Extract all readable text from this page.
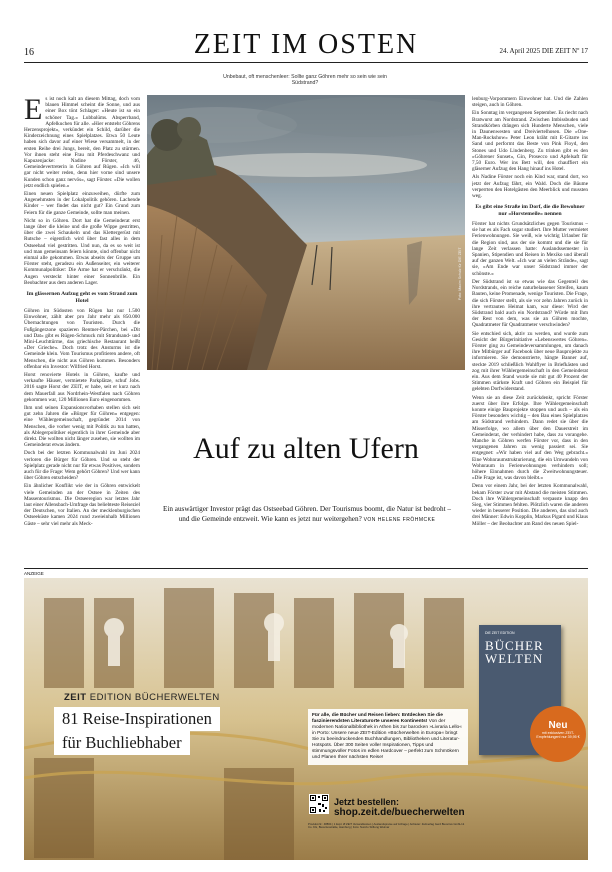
16	ZEIT IM OSTEN	24. April 2025 DIE ZEIT Nº 17
E s ist noch kalt an diesem Mittag, doch vom blauen Himmel scheint die Sonne, und aus einer Box tönt Schlager: »Heute ist so ein schöner Tag.« Lubbalüms. Absperrband, Apfelkuchen für alle. »Hier entsteht Göhrens Herzensprojekt«, verkündet ein Schild, darüber die Kinderzeichnung eines Spielplatzes. Etwa 50 Leute haben sich davor auf einer Wiese versammelt, in der ersten Reihe drei Jungs, bereit, den Platz zu stürmen. Vor ihnen steht eine Frau mit Pferdeschwanz und Kapuzenjacke: Nadine Förster, 46, Gemeindevertreterin in Göhren auf Rügen. »Ich will gar nicht weiter reden, denn hier vorne sind unsere Kunden schon ganz nervös«, sagt Förster. »Die wollen jetzt endlich spielen.«

Einen neuen Spielplatz einzuweihen, dürfte zum Angenehmsten in der Lokalpolitik gehören. Lachende Kinder – wer findet das nicht gut? Ein Grund zum Feiern für die ganze Gemeinde, sollte man meinen.

Nicht so in Göhren. Dort hat die Gemeinderat erst lange über die kleine und die große Wippe gestritten, über die zwei Schaukeln und das Klettergerüst mit Rutsche – eigentlich wird über fast alles in dem Ostseebad viel gestritten. Und nun, da es so weit ist und man gemeinsam feiern könnte, sind offenbar nicht einmal alle gekommen. Etwas abseits der Gruppe um Förster steht, geradezu ein Außenseiter, ein weiterer Kommunalpolitiker: Die Arme hat er verschränkt, die Augen versteckt hinter einer Sonnenbrille. Ein Beobachter aus dem anderen Lager.

Im glässernen Aufzug geht es vom Strand zum Hotel

Göhren im Südosten von Rügen hat nur 1.500 Einwohner, zählt aber pro Jahr mehr als 850.000 Übernachtungen von Touristen. Durch die Fußgängerzone spazieren Rentner-Pärchen, bei »Dit und Dat« gibt es Rügen-Schmuck mit Strandsand- und Mini-Leuchttürme, das griechische Restaurant heißt »Der Grieche«. Doch trotz des Ansturms ist die Gemeinde klein. Vom Tourismus profitieren andere, oft Menschen, die nicht aus Göhren kommen. Besonders offenbar ein Investor: Wilfried Horst.

Horst renovierte Hotels in Göhren, kaufte und verkaufte Häuser, vermietete Parkplätze, schuf Jobs. 2016 sagte Horst der ZEIT, er habe, seit er kurz nach dem Mauerfall aus Nordrhein-Westfalen nach Göhren gekommen war, 120 Millionen Euro eingenommen.

Ihm und seinen Expansionsvorhaben stellen sich seit gut zehn Jahren die »Bürger für Göhren« entgegen: eine Wählergemeinschaft, gegründet 2014 von Menschen, die vorher wenig mit Politik zu tun hatten, als Ablegerpolitiker eigentlich in ihrer Gemeinde aber direkt. Die wollten nicht länger zusehen, sie wollten im Gemeinderat etwas ändern.

Doch bei der letzten Kommunalwahl im Juni 2024 verloren die Bürger für Göhren. Und so steht der Spielplatz gerade nicht nur für etwas Positives, sondern auch für die Frage: Wem gehört Göhren? Und wer kann über Göhren entscheiden?

Ein ähnlicher Konflikt wie der in Göhren entwickelt viele Gemeinden an der Ostsee in Zeiten des Massentourismus. Die Ostseeregion war letztes Jahr laut einer Allensbach-Umfrage das beliebteste Reiseziel der Deutschen, vor Italien. An der mecklenburgischen Ostseeküste kamen 2024 rund zweieinhalb Millionen Gäste – sehr viel mehr als Meck-

Unbebaut, oft menschenleer: Sollte ganz Göhren mehr so sein wie sein Südstrand?
Foto: Maxim Schulz für DIE ZEIT
Auf zu alten Ufern
Ein auswärtiger Investor prägt das Ostseebad Göhren. Der Tourismus boomt, die Natur ist bedroht – und die Gemeinde entzweit. Wie kann es jetzt nur weitergehen? VON HELENE FRÖHMCKE

lenburg-Vorpommern Einwohner hat. Und die Zahlen steigen, auch in Göhren.

Ein Sonntag im vergangenen September. Es riecht nach Bratwurst am Nordstrand. Zwischen Imbissbuden und Strandkörben drängen sich Hunderte Menschen, viele in Daunenwesten und Dreiviertelhosen. Die »One-Man-Rockshow« Peter Leon kräht mit E-Gitarre ins Sand und performt das Beste von Pink Floyd, den Stones und Udo Lindenberg. Zu trinken gibt es den »Göhrener Sunset«, Gin, Prosecco und Apfelsaft für 7,50 Euro. Wer ins Bett will, den chauffiert ein gläserner Aufzug den Hang hinauf ins Hotel.

Als Nadine Förster noch ein Kind war, stand dort, wo jetzt der Aufzug fährt, ein Wald. Doch die Bäume verperrten den Hotelgästen den Meerblick und mussten weg.

Es gibt eine Straße im Dorf, die die Bewohner nur »Horstemeile« nennen

Förster hat nichts Grundsätzliches gegen Tourismus – sie hat es als Fach sogar studiert. Ihre Mutter vermietet Ferienwohnungen. Sie weiß, wie wichtig Urlauber für die Region sind, aus der sie kommt und die sie für lange Zeit verlassen hatte: Auslandssemester in Spanien, Stipendien und Reisen in Mexiko und überall auf der ganzen Welt. »Ich war an vielen Strände«, sagt sie, »Am Ende war unser Südstrand immer der schönste.«

Der Südstrand ist so etwas wie das Gegenteil des Nordstrands, ein reiche naturbelassener Streifen, kaum Bauten, keine Promenade, wenige Touristen. Die Frage, die sich Förster stellt, als sie vor zehn Jahren zurück in ihre vertrauten Heimat kam, war diese: Wird der Südstrand bald auch ein Nordstrand? Würde mit Ihm der Rest von dem, was sie an Göhren mochte, Quadratmeter für Quadratmeter verschwinden?

Sie entschied sich, aktiv zu werden, und wurde zum Gesicht der Bürgerinitiative »Lebenswertes Göhren«. Förster ging zu Gemeindeversammlungen, um danach ihre Mitbürger auf Facebook über neue Bauprojekte zu informieren. Sie demonstrierte, hängte Banner auf, steckte 2019 schließlich Wahlflyer in Briefkästen und zog mit ihrer Wählergemeinschaft in den Gemeinderat ein. Aus dem Stand wurde sie mit gut 40 Prozent der Stimmen stärkste Kraft und Göhren ein Beispiel für gelebten Dorfwiderstand.

Wenn sie an diese Zeit zurückdenkt, spricht Förster zuerst über ihre Erfolge. Ihre Wählergemeinschaft konnte einige Bauprojekte stoppen und auch – als ein Förster besonders wichtig – den Bau eines Spielplatzes am Südstrand verhindern. Dann redet sie über die Misserfolge, wo allem über den Dauerstreit im Gemeinderat, der verhindert habe, dass zu vorangehe. Manche in Göhren werfen Förster vor, dass in den vergangenen Jahren zu wenig passiert sei. Sie entgegnet: »Wir haben viel auf den Weg gebracht.« Eine Wohnraumstrukturierung, die ein Umwandeln von Wohnraum in Ferienwohnungen verhindern soll; höhere Einnahmen durch die Zweitwohnungsteuer. »Die Frage ist, was davon bleibt.«

Denn vor einem Jahr, bei der letzten Kommunalwahl, bekam Förster zwar mit Abstand die meisten Stimmen. Doch ihre Wählergemeinschaft verpasste knapp den Sieg, vier Stimmen fehlten. Plötzlich waren die anderen wieder in besserer Position. Die anderen, das sind auch drei Männer: Edwin Kopplin, Markus Pigard und Klaus Möller – der Beobachter am Rand des neuen Spiel-

ANZEIGE
ZEIT EDITION BÜCHERWELTEN
81 Reise-Inspirationen
für Buchliebhaber
Für alle, die Bücher und Reisen lieben: Entdecken Sie die faszinierendsten Literaturorte unseres Kontinents! Von der modernen Nationalbibliothek in Athen bis zur barocken »Livraria Lello« in Porto: Unsere neue ZEIT-Edition »Bücherwelten in Europa« bringt Sie zu beeindruckenden Buchhandlungen, Bibliotheken und Literatur-Hotspots. Über 300 Seiten voller Inspirationen, Tipps und stimmungsvoller Fotos im edlen Hardcover – perfekt zum Schmökern und Planen Ihrer nächsten Reise!
Jetzt bestellen:
shop.zeit.de/buecherwelten
Produkt-Nr.: 48864 | 1 Expl. Ø ZEIT Versandkosten | Auslandspreise auf Anfrage | Anbieter: Zeitverlag Gerd Bucerius GmbH & Co. KG, Buceriusstraße, Hamburg | Foto: Nunzio Stiftung Weimar
DIE ZEIT EDITION
BÜCHER
WELTEN
Neu
mit exklusiven ZEIT-Empfehlungen! nur 39,95 €
